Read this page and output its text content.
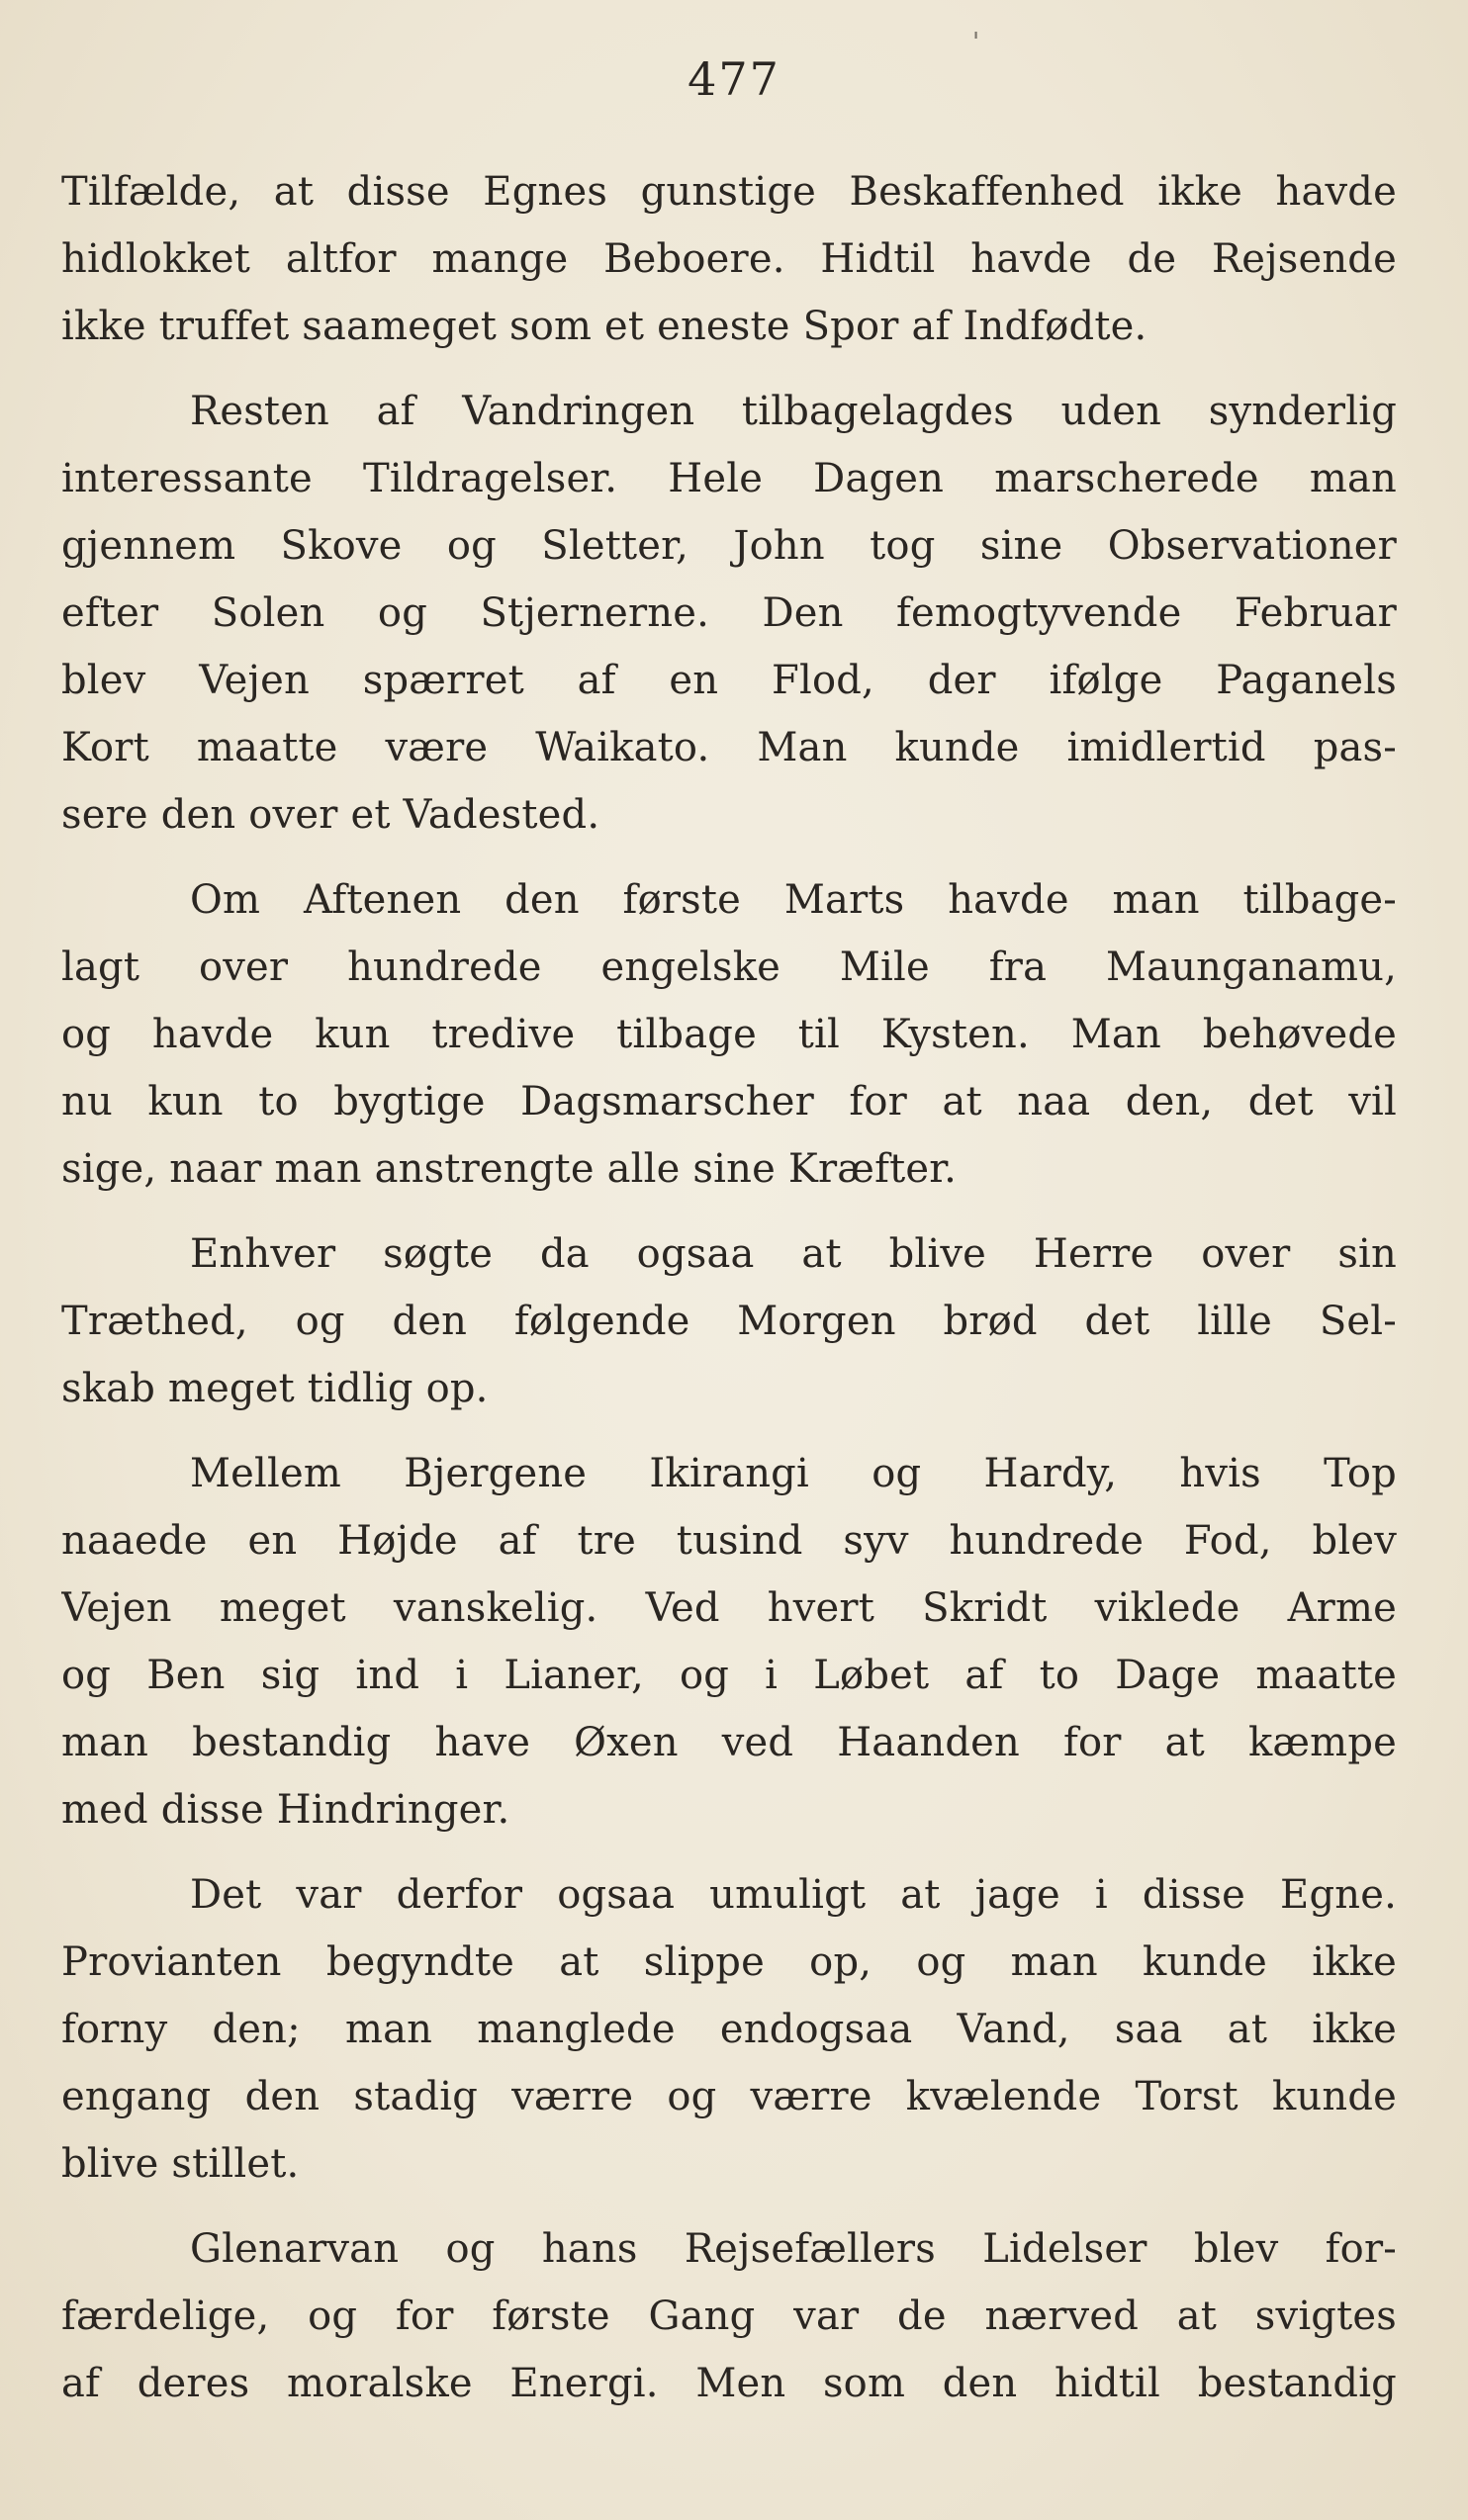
477
'
Tilfælde, at disse Egnes gunstige Beskaffenhed ikke havde
hidlokket altfor mange Beboere. Hidtil havde de Rejsende
ikke truffet saameget som et eneste Spor af Indfødte.
Resten af Vandringen tilbagelagdes uden synderlig
interessante Tildragelser. Hele Dagen marscherede man
gjennem Skove og Sletter, John tog sine Observationer
efter Solen og Stjernerne. Den femogtyvende Februar
blev Vejen spærret af en Flod, der ifølge Paganels
Kort maatte være Waikato. Man kunde imidlertid pas-
sere den over et Vadested.
Om Aftenen den første Marts havde man tilbage-
lagt over hundrede engelske Mile fra Maunganamu,
og havde kun tredive tilbage til Kysten. Man behøvede
nu kun to bygtige Dagsmarscher for at naa den, det vil
sige, naar man anstrengte alle sine Kræfter.
Enhver søgte da ogsaa at blive Herre over sin
Træthed, og den følgende Morgen brød det lille Sel-
skab meget tidlig op.
Mellem Bjergene Ikirangi og Hardy, hvis Top
naaede en Højde af tre tusind syv hundrede Fod, blev
Vejen meget vanskelig. Ved hvert Skridt viklede Arme
og Ben sig ind i Lianer, og i Løbet af to Dage maatte
man bestandig have Øxen ved Haanden for at kæmpe
med disse Hindringer.
Det var derfor ogsaa umuligt at jage i disse Egne.
Provianten begyndte at slippe op, og man kunde ikke
forny den; man manglede endogsaa Vand, saa at ikke
engang den stadig værre og værre kvælende Torst kunde
blive stillet.
Glenarvan og hans Rejsefællers Lidelser blev for-
færdelige, og for første Gang var de nærved at svigtes
af deres moralske Energi. Men som den hidtil bestandig
